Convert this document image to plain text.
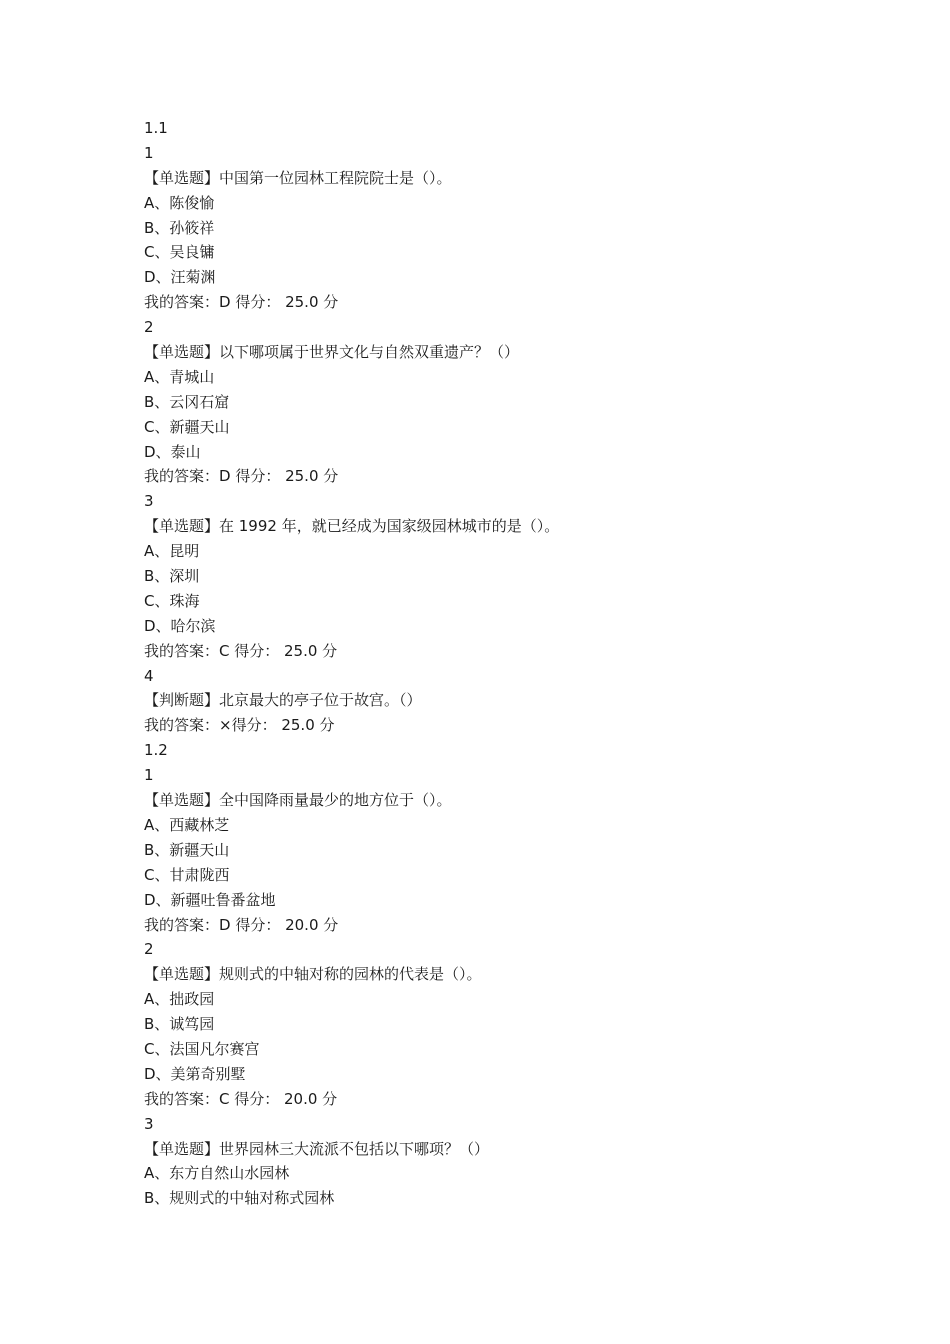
1.1
1
【单选题】中国第一位园林工程院院士是（）。
A、陈俊愉
B、孙筱祥
C、吴良镛
D、汪菊渊
我的答案：D 得分： 25.0 分
2
【单选题】以下哪项属于世界文化与自然双重遗产？（）
A、青城山
B、云冈石窟
C、新疆天山
D、泰山
我的答案：D 得分： 25.0 分
3
【单选题】在 1992 年，就已经成为国家级园林城市的是（）。
A、昆明
B、深圳
C、珠海
D、哈尔滨
我的答案：C 得分： 25.0 分
4
【判断题】北京最大的亭子位于故宫。（）
我的答案：×得分： 25.0 分
1.2
1
【单选题】全中国降雨量最少的地方位于（）。
A、西藏林芝
B、新疆天山
C、甘肃陇西
D、新疆吐鲁番盆地
我的答案：D 得分： 20.0 分
2
【单选题】规则式的中轴对称的园林的代表是（）。
A、拙政园
B、诚笃园
C、法国凡尔赛宫
D、美第奇别墅
我的答案：C 得分： 20.0 分
3
【单选题】世界园林三大流派不包括以下哪项？（）
A、东方自然山水园林
B、规则式的中轴对称式园林
